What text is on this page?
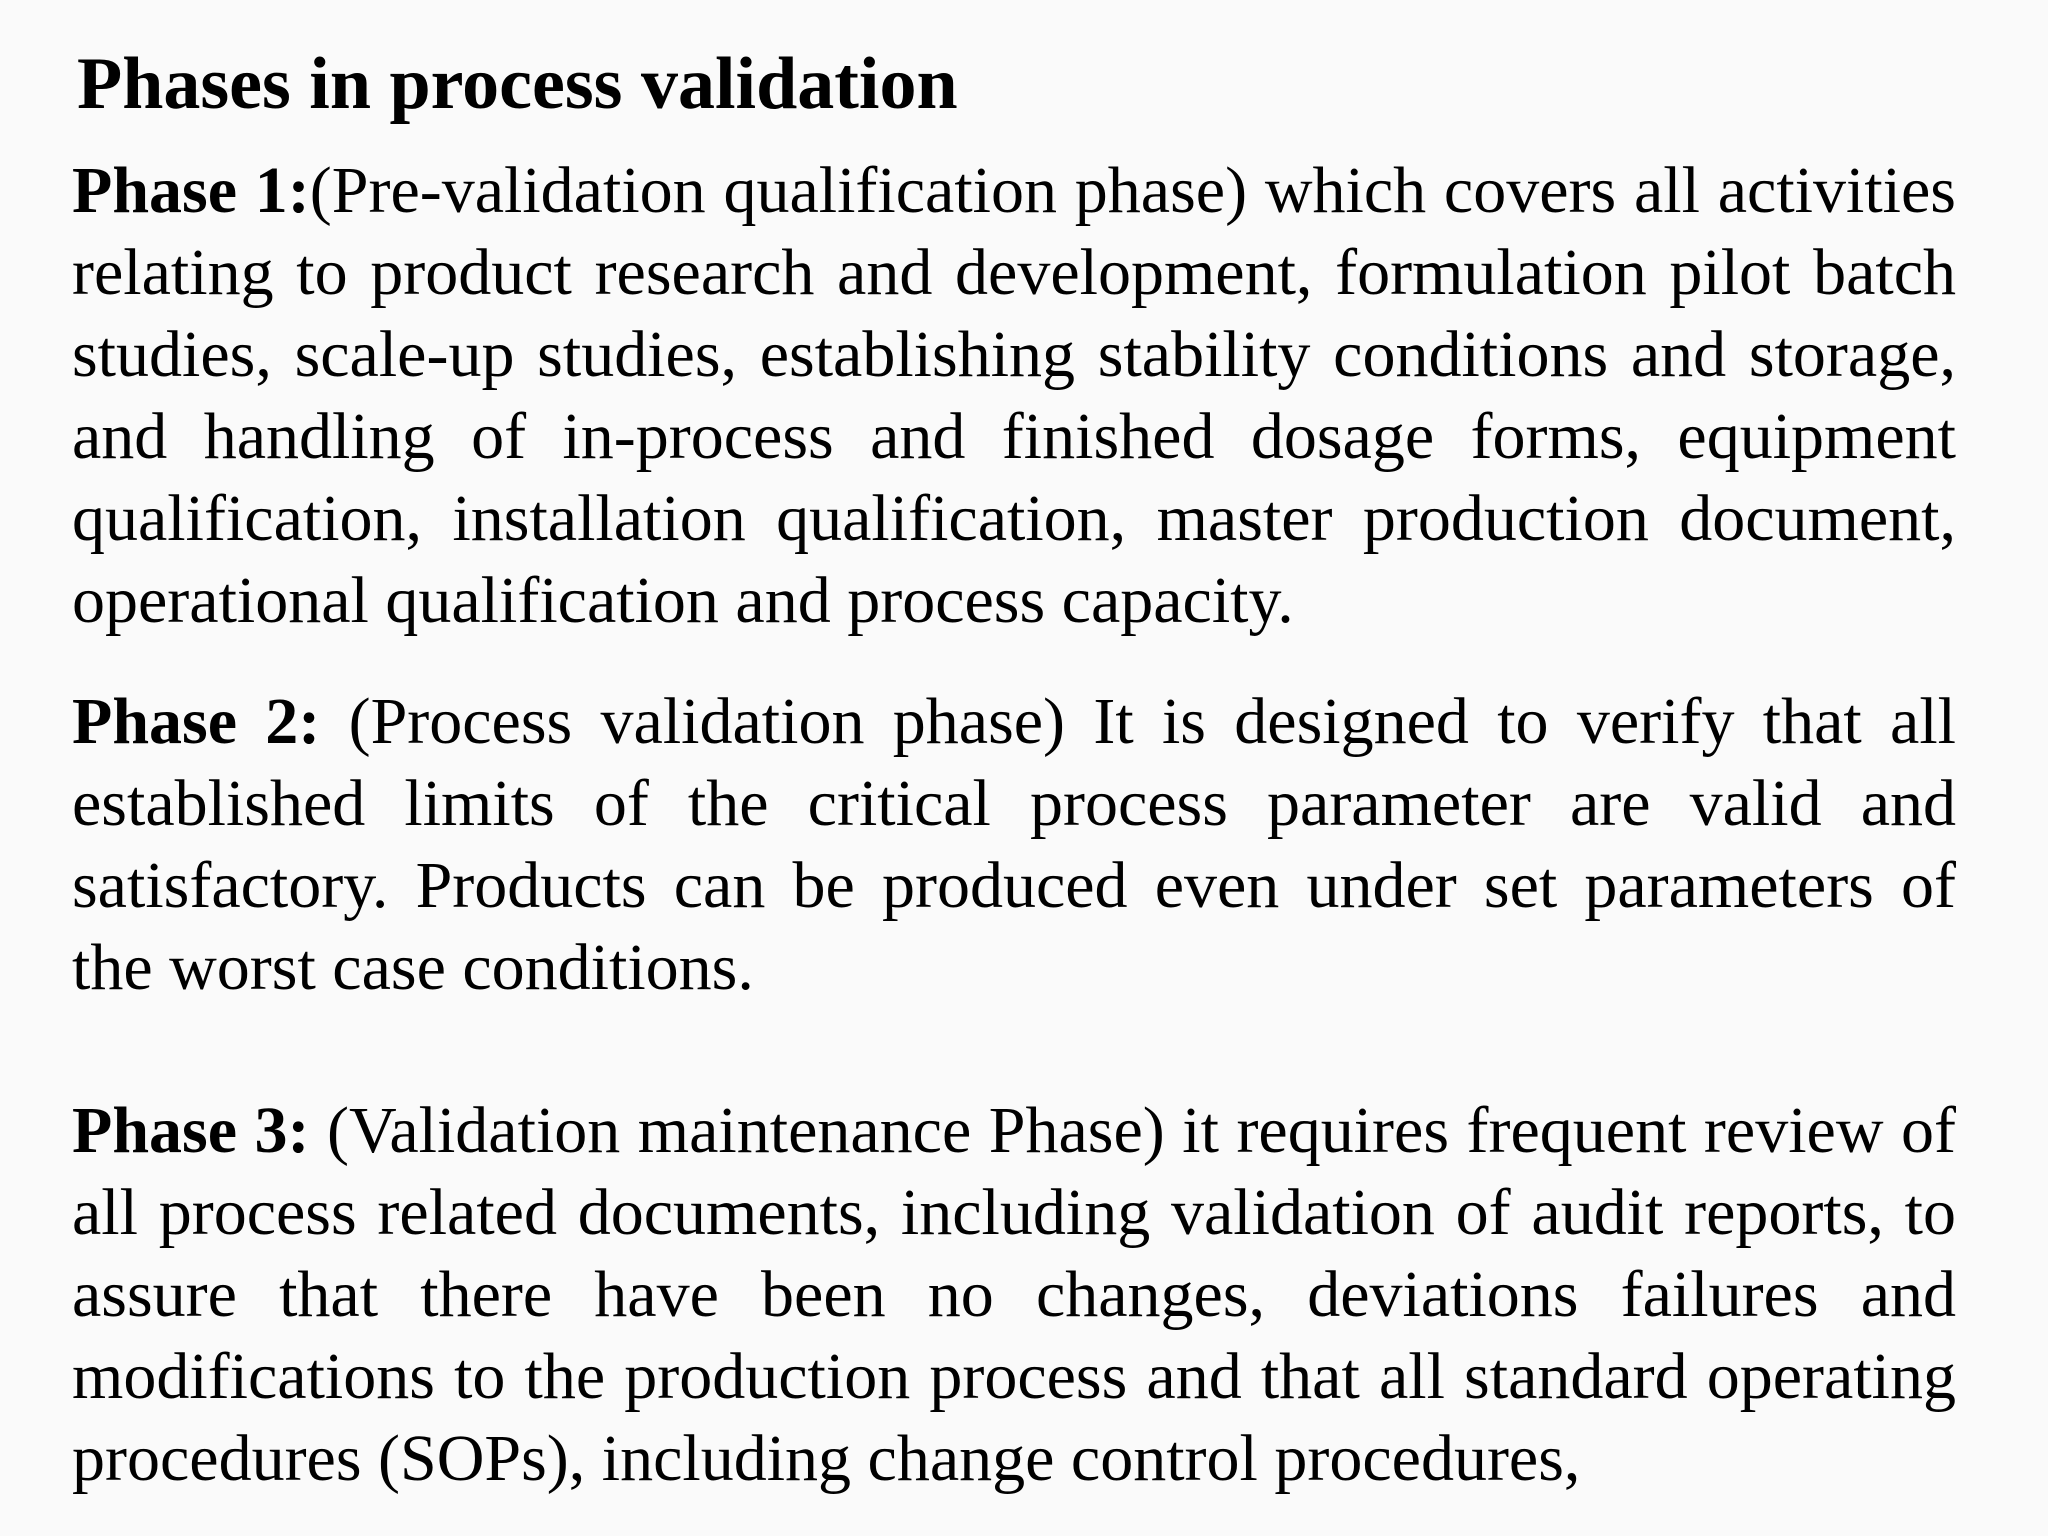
Phases in process validation

Phase 1:(Pre-validation qualification phase) which covers all activities relating to product research and development, formulation pilot batch studies, scale-up studies, establishing stability conditions and storage, and handling of in-process and finished dosage forms, equipment qualification, installation qualification, master production document, operational qualification and process capacity.

Phase 2: (Process validation phase) It is designed to verify that all established limits of the critical process parameter are valid and satisfactory. Products can be produced even under set parameters of the worst case conditions.

Phase 3: (Validation maintenance Phase) it requires frequent review of all process related documents, including validation of audit reports, to assure that there have been no changes, deviations failures and modifications to the production process and that all standard operating procedures (SOPs), including change control procedures,
